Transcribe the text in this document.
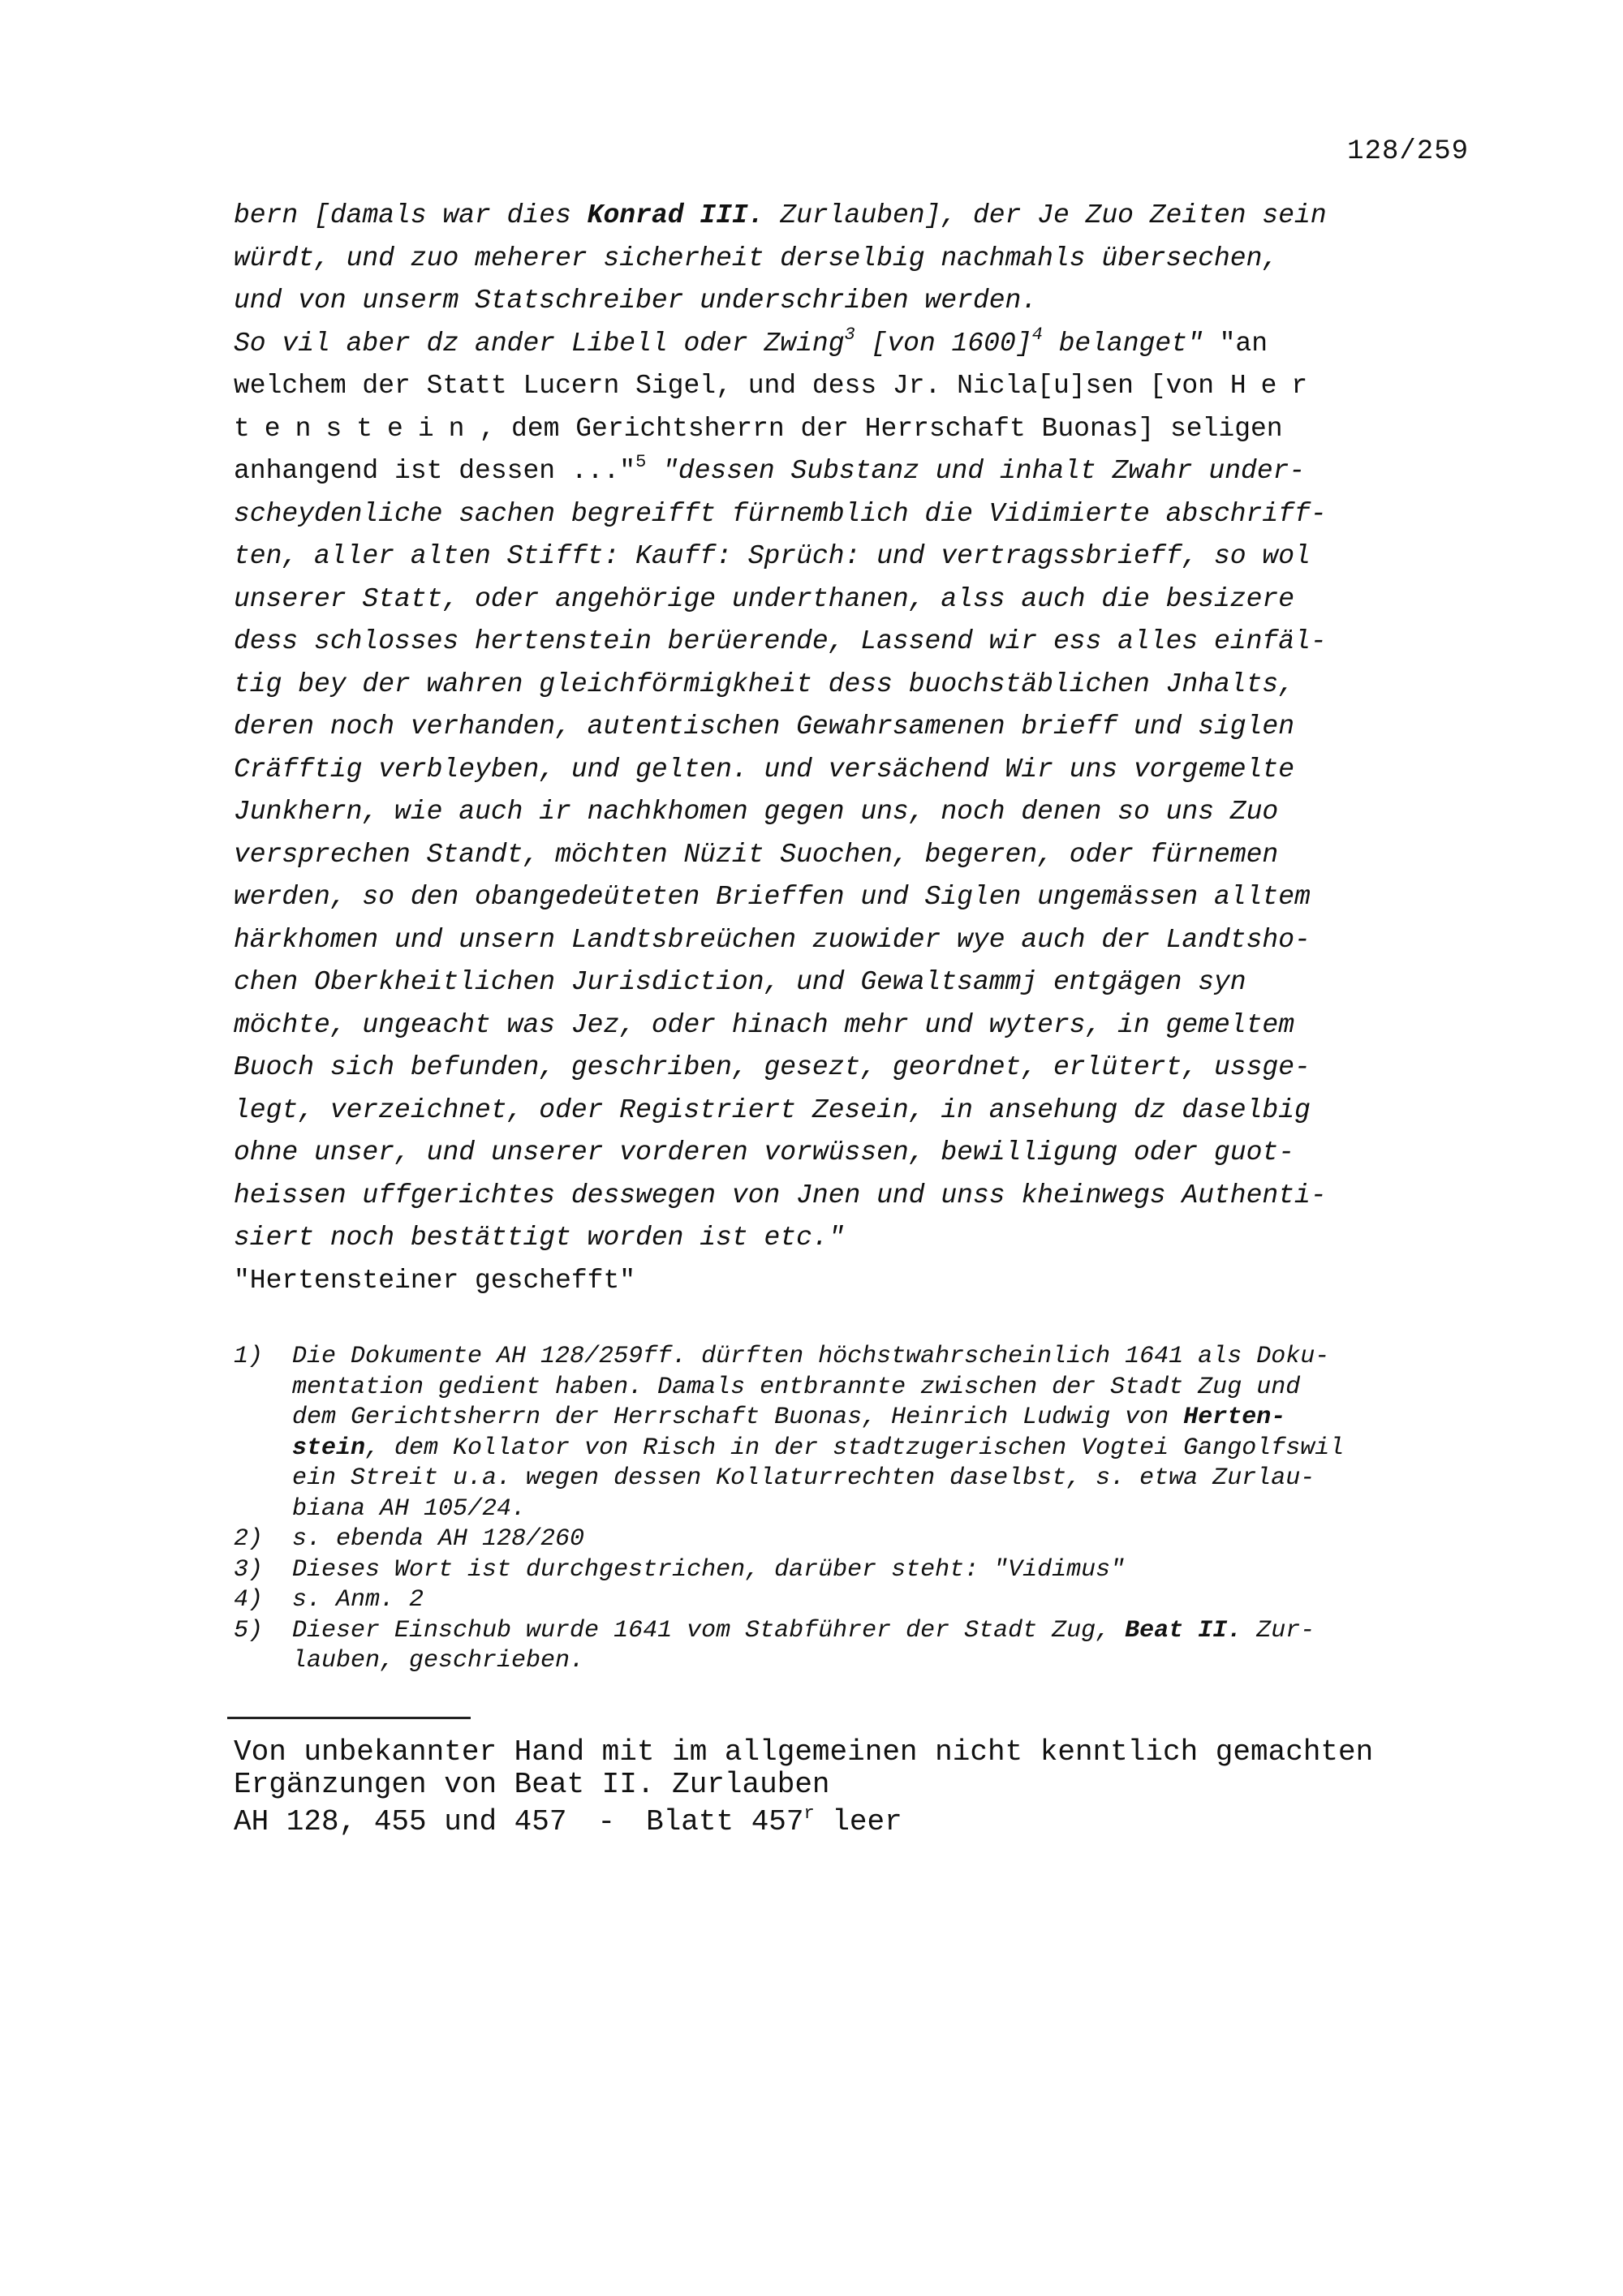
128/259
bern [damals war dies Konrad III. Zurlauben], der Je Zuo Zeiten sein
würdt, und zuo meherer sicherheit derselbig nachmahls übersechen,
und von unserm Statschreiber underschriben werden.
So vil aber dz ander Libell oder Zwing$^3$ [von 1600]$^4$ belanget" "an
welchem der Statt Lucern Sigel, und dess Jr. Nicla[u]sen [von Her
tenstein, dem Gerichtsherrn der Herrschaft Buonas] seligen
anhangend ist dessen ..."$^5$ "dessen Substanz und inhalt Zwahr under-
scheydenliche sachen begreifft fürnemblich die Vidimierte abschriff-
ten, aller alten Stifft: Kauff: Sprüch: und vertragssbrieff, so wol
unserer Statt, oder angehörige underthanen, alss auch die besizere
dess schlosses hertenstein berüerende, Lassend wir ess alles einfäl-
tig bey der wahren gleichförmigkheit dess buochstäblichen Jnhalts,
deren noch verhanden, autentischen Gewahrsamenen brieff und siglen
Cräfftig verbleyben, und gelten. und versächend Wir uns vorgemelte
Junkhern, wie auch ir nachkhomen gegen uns, noch denen so uns Zuo
versprechen Standt, möchten Nüzit Suochen, begeren, oder fürnemen
werden, so den obangedeüteten Brieffen und Siglen ungemässen alltem
härkhomen und unsern Landtsbreüchen zuowider wye auch der Landtsho-
chen Oberkheitlichen Jurisdiction, und Gewaltsammj entgägen syn
möchte, ungeacht was Jez, oder hinach mehr und wyters, in gemeltem
Buoch sich befunden, geschriben, gesezt, geordnet, erlütert, ussge-
legt, verzeichnet, oder Registriert Zesein, in ansehung dz daselbig
ohne unser, und unserer vorderen vorwüssen, bewilligung oder guot-
heissen uffgerichtes desswegen von Jnen und unss kheinwegs Authenti-
siert noch bestättigt worden ist etc."
"Hertensteiner geschefft"
1) Die Dokumente AH 128/259ff. dürften höchstwahrscheinlich 1641 als Doku-
mentation gedient haben. Damals entbrannte zwischen der Stadt Zug und
dem Gerichtsherrn der Herrschaft Buonas, Heinrich Ludwig von Herten-
stein, dem Kollator von Risch in der stadtzugerischen Vogtei Gangolfswil
ein Streit u.a. wegen dessen Kollaturrechten daselbst, s. etwa Zurlau-
biana AH 105/24.
2) s. ebenda AH 128/260
3) Dieses Wort ist durchgestrichen, darüber steht: "Vidimus"
4) s. Anm. 2
5) Dieser Einschub wurde 1641 vom Stabführer der Stadt Zug, Beat II. Zur-
lauben, geschrieben.
Von unbekannter Hand mit im allgemeinen nicht kenntlich gemachten
Ergänzungen von Beat II. Zurlauben
AH 128, 455 und 457 - Blatt 457$^r$ leer
